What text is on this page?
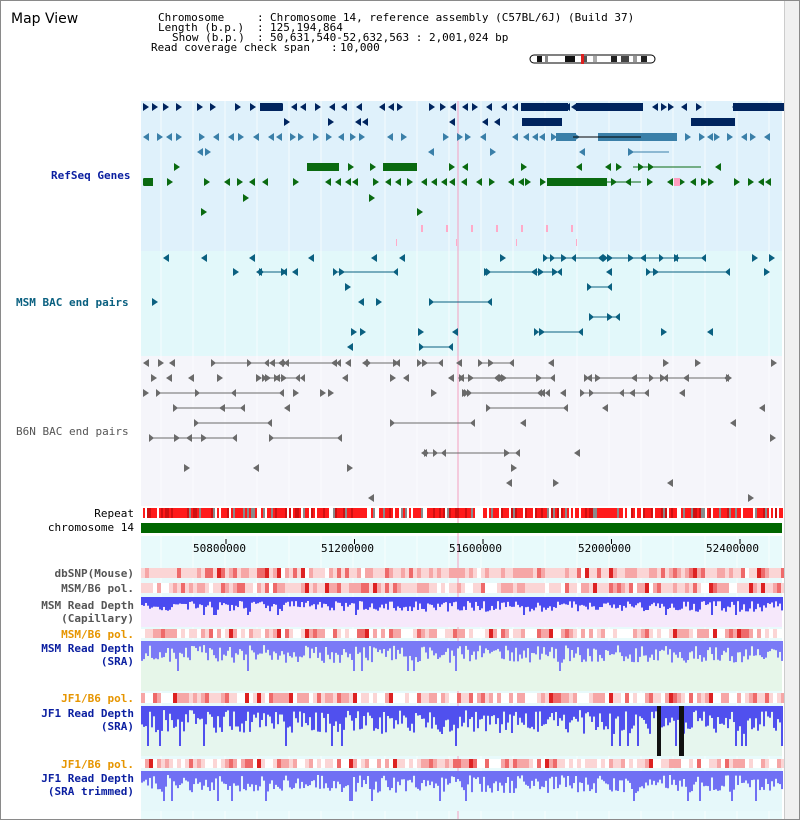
Map View	Chromosome	: Chromosome 14, reference assembly (C57BL/6J) (Build 37)
Length (b.p.) : 125,194,864
Show (b.p.) : 50,631,540-52,632,563 : 2,001,024 bp
Read coverage check span : 10,000
RefSeq Genes
MSM BAC end pairs
B6N BAC end pairs
Repeat
chromosome 14
50800000	51200000	51600000	52000000	52400000
dbSNP(Mouse)
MSM/B6 pol.
MSM Read Depth
(Capillary)
MSM/B6 pol.
MSM Read Depth
(SRA)
JF1/B6 pol.
JF1 Read Depth
(SRA)
JF1/B6 pol.
JF1 Read Depth
(SRA trimmed)
